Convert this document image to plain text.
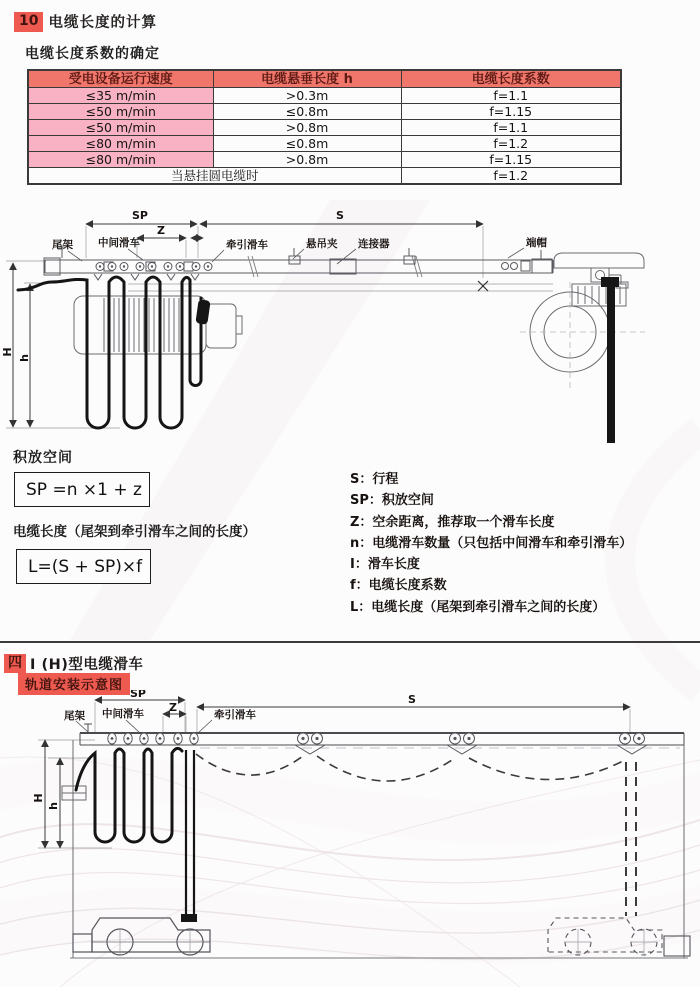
10 电缆长度的计算
电缆长度系数的确定
受电设备运行速度	电缆悬垂长度 h	电缆长度系数
≤35 m/min	>0.3m	f=1.1
≤50 m/min	≤0.8m	f=1.15
≤50 m/min	>0.8m	f=1.1
≤80 m/min	≤0.8m	f=1.2
≤80 m/min	>0.8m	f=1.15
当悬挂圆电缆时		f=1.2
SP	S
Z
H
h
尾架 中间滑车	牵引滑车	悬吊夹 连接器	端帽
积放空间
SP =n ×1 + z
电缆长度（尾架到牵引滑车之间的长度）
L=(S + SP)×f
S：行程
SP：积放空间
Z：空余距离，推荐取一个滑车长度
n：电缆滑车数量（只包括中间滑车和牵引滑车）
I：滑车长度
f：电缆长度系数
L：电缆长度（尾架到牵引滑车之间的长度）
四 I (H)型电缆滑车
轨道安装示意图
SP	S
Z
H
h
尾架 中间滑车	牵引滑车
